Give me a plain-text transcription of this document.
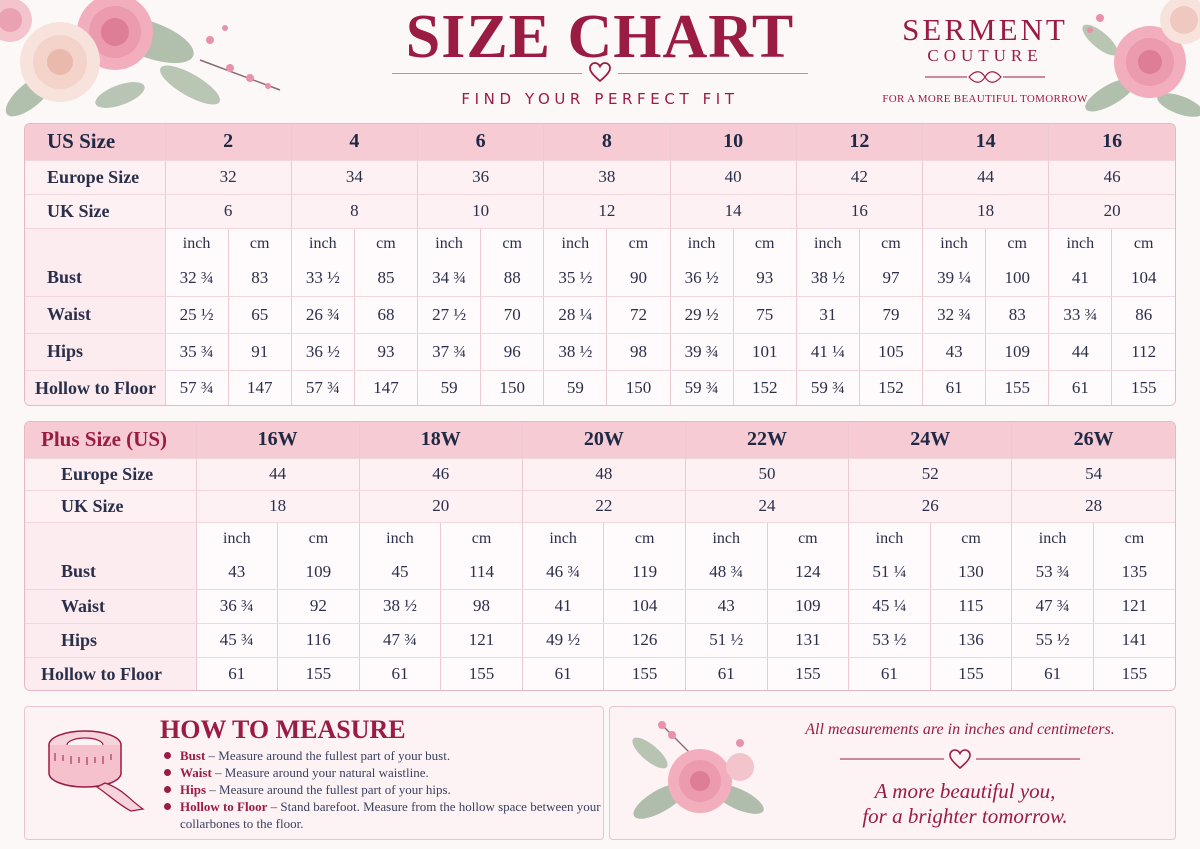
SIZE CHART
FIND YOUR PERFECT FIT
SERMENT
COUTURE
FOR A MORE BEAUTIFUL TOMORROW
US Size	2		4		6		8		10		12		14		16	
Europe Size	32		34		36		38		40		42		44		46	
UK Size	6		8		10		12		14		16		18		20	
	inch	cm	inch	cm	inch	cm	inch	cm	inch	cm	inch	cm	inch	cm	inch	cm
Bust	32 ¾	83	33 ½	85	34 ¾	88	35 ½	90	36 ½	93	38 ½	97	39 ¼	100	41	104
Waist	25 ½	65	26 ¾	68	27 ½	70	28 ¼	72	29 ½	75	31	79	32 ¾	83	33 ¾	86
Hips	35 ¾	91	36 ½	93	37 ¾	96	38 ½	98	39 ¾	101	41 ¼	105	43	109	44	112
Hollow to Floor	57 ¾	147	57 ¾	147	59	150	59	150	59 ¾	152	59 ¾	152	61	155	61	155
Plus Size (US)	16W		18W		20W		22W		24W		26W	
Europe Size	44		46		48		50		52		54	
UK Size	18		20		22		24		26		28	
	inch	cm	inch	cm	inch	cm	inch	cm	inch	cm	inch	cm
Bust	43	109	45	114	46 ¾	119	48 ¾	124	51 ¼	130	53 ¾	135
Waist	36 ¾	92	38 ½	98	41	104	43	109	45 ¼	115	47 ¾	121
Hips	45 ¾	116	47 ¾	121	49 ½	126	51 ½	131	53 ½	136	55 ½	141
Hollow to Floor	61	155	61	155	61	155	61	155	61	155	61	155
HOW TO MEASURE
Bust – Measure around the fullest part of your bust.
Waist – Measure around your natural waistline.
Hips – Measure around the fullest part of your hips.
Hollow to Floor – Stand barefoot. Measure from the hollow space between your collarbones to the floor.
All measurements are in inches and centimeters.
A more beautiful you,
for a brighter tomorrow.
